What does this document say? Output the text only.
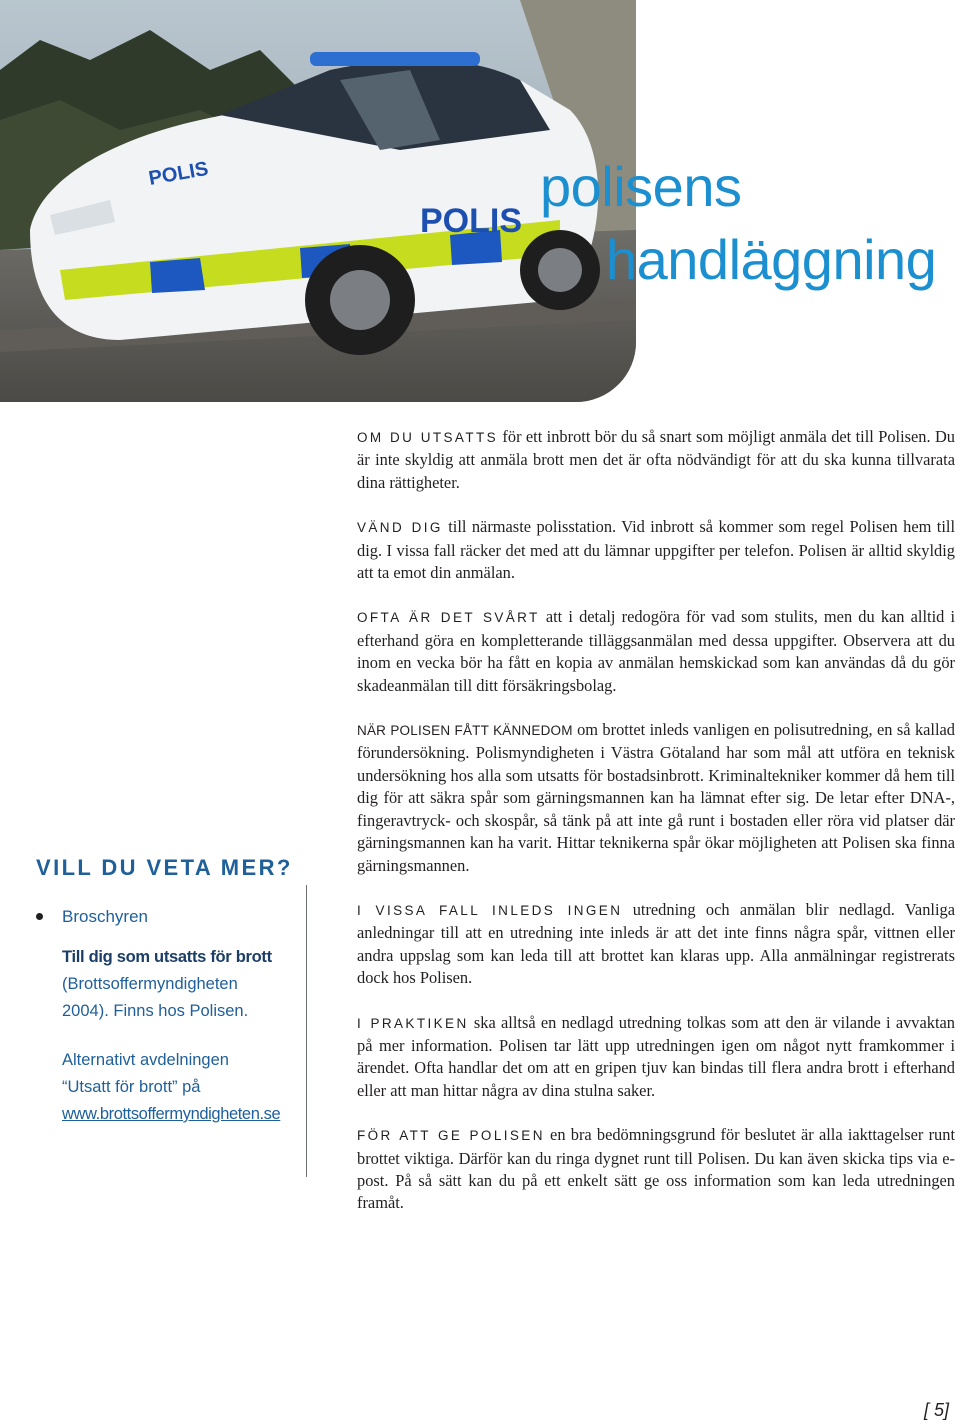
POLIS
POLIS	polisens
handläggning

OM DU UTSATTS för ett inbrott bör du så snart som möjligt anmäla det till Polisen. Du är inte skyldig att anmäla brott men det är ofta nödvändigt för att du ska kunna tillvarata dina rättigheter.

VÄND DIG till närmaste polisstation. Vid inbrott så kommer som regel Polisen hem till dig. I vissa fall räcker det med att du lämnar uppgifter per telefon. Polisen är alltid skyldig att ta emot din anmälan.

OFTA ÄR DET SVÅRT att i detalj redogöra för vad som stulits, men du kan alltid i efterhand göra en kompletterande tilläggsanmälan med dessa uppgifter. Observera att du inom en vecka bör ha fått en kopia av anmälan hemskickad som kan användas då du gör skadeanmälan till ditt försäkringsbolag.

NÄR POLISEN FÅTT KÄNNEDOM om brottet inleds vanligen en polisutredning, en så kallad förundersökning. Polismyndigheten i Västra Götaland har som mål att utföra en teknisk undersökning hos alla som utsatts för bostadsinbrott. Kriminaltekniker kommer då hem till dig för att säkra spår som gärningsmannen kan ha lämnat efter sig. De letar efter DNA-, fingeravtryck- och skospår, så tänk på att inte gå runt i bostaden eller röra vid platser där gärningsmannen kan ha varit. Hittar teknikerna spår ökar möjligheten att Polisen ska finna gärningsmannen.

I VISSA FALL INLEDS INGEN utredning och anmälan blir nedlagd. Vanliga anledningar till att en utredning inte inleds är att det inte finns några spår, vittnen eller andra uppslag som kan leda till att brottet kan klaras upp. Alla anmälningar registrerats dock hos Polisen.

I PRAKTIKEN ska alltså en nedlagd utredning tolkas som att den är vilande i avvaktan på mer information. Polisen tar lätt upp utredningen igen om något nytt framkommer i ärendet. Ofta handlar det om att en gripen tjuv kan bindas till flera andra brott i efterhand eller att man hittar några av dina stulna saker.

FÖR ATT GE POLISEN en bra bedömningsgrund för beslutet är alla iakttagelser runt brottet viktiga. Därför kan du ringa dygnet runt till Polisen. Du kan även skicka tips via e-post. På så sätt kan du på ett enkelt sätt ge oss information som kan leda utredningen framåt.

VILL DU VETA MER?
Broschyren
Till dig som utsatts för brott
(Brottsoffermyndigheten
2004). Finns hos Polisen.
Alternativt avdelningen
“Utsatt för brott” på
www.brottsoffermyndigheten.se
[ 5]
